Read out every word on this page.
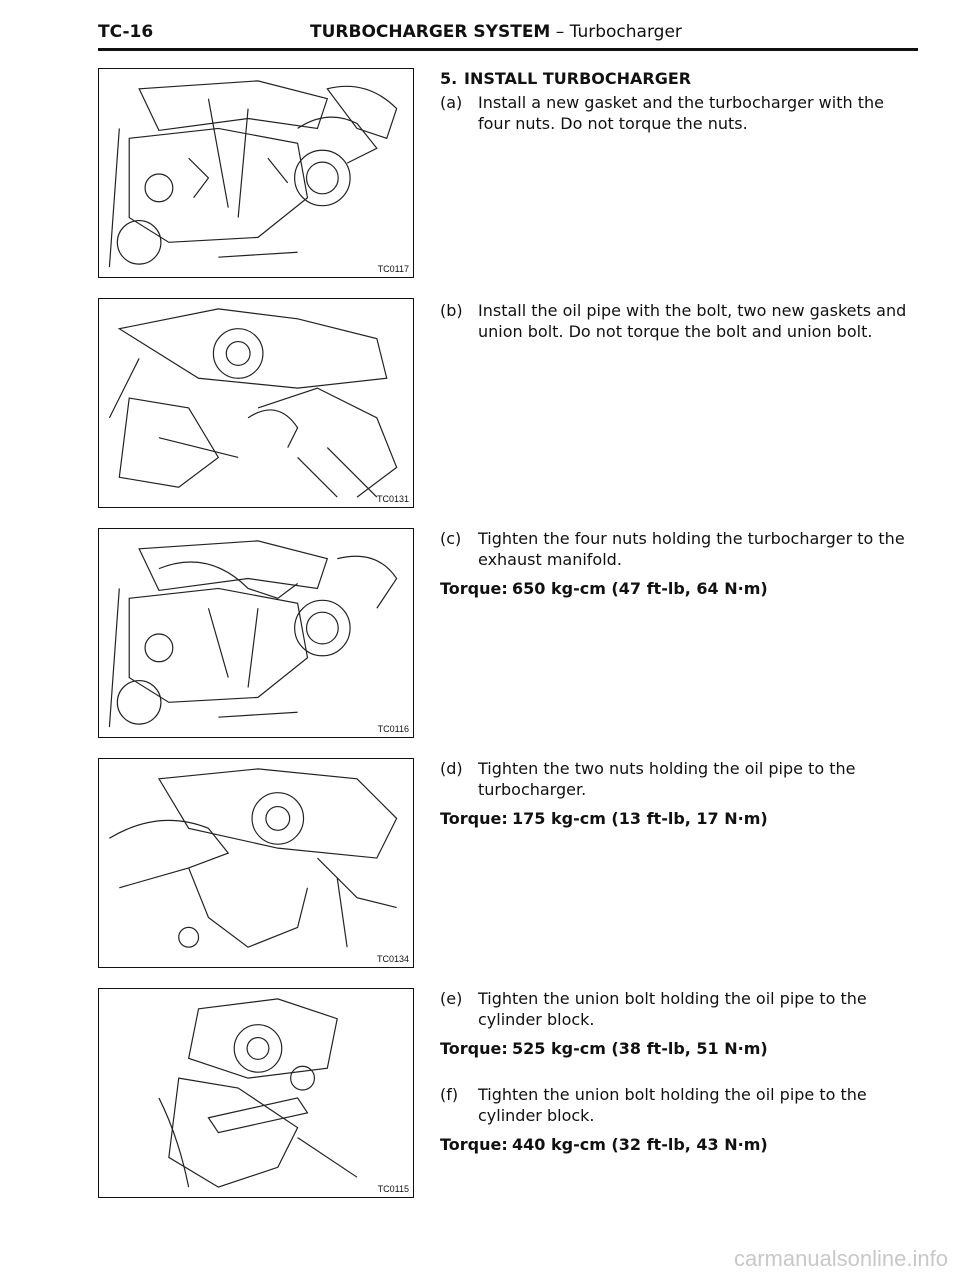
TC-16	TURBOCHARGER SYSTEM – Turbocharger
TC0117
TC0131
TC0116
TC0134
TC0115
5. INSTALL TURBOCHARGER

(a) Install a new gasket and the turbocharger with the four nuts. Do not torque the nuts.

(b) Install the oil pipe with the bolt, two new gaskets and union bolt. Do not torque the bolt and union bolt.

(c) Tighten the four nuts holding the turbocharger to the exhaust manifold.

Torque: 650 kg-cm (47 ft-lb, 64 N·m)

(d) Tighten the two nuts holding the oil pipe to the turbocharger.

Torque: 175 kg-cm (13 ft-lb, 17 N·m)

(e) Tighten the union bolt holding the oil pipe to the cylinder block.

Torque: 525 kg-cm (38 ft-lb, 51 N·m)

(f) Tighten the union bolt holding the oil pipe to the cylinder block.

Torque: 440 kg-cm (32 ft-lb, 43 N·m)
carmanualsonline.info
